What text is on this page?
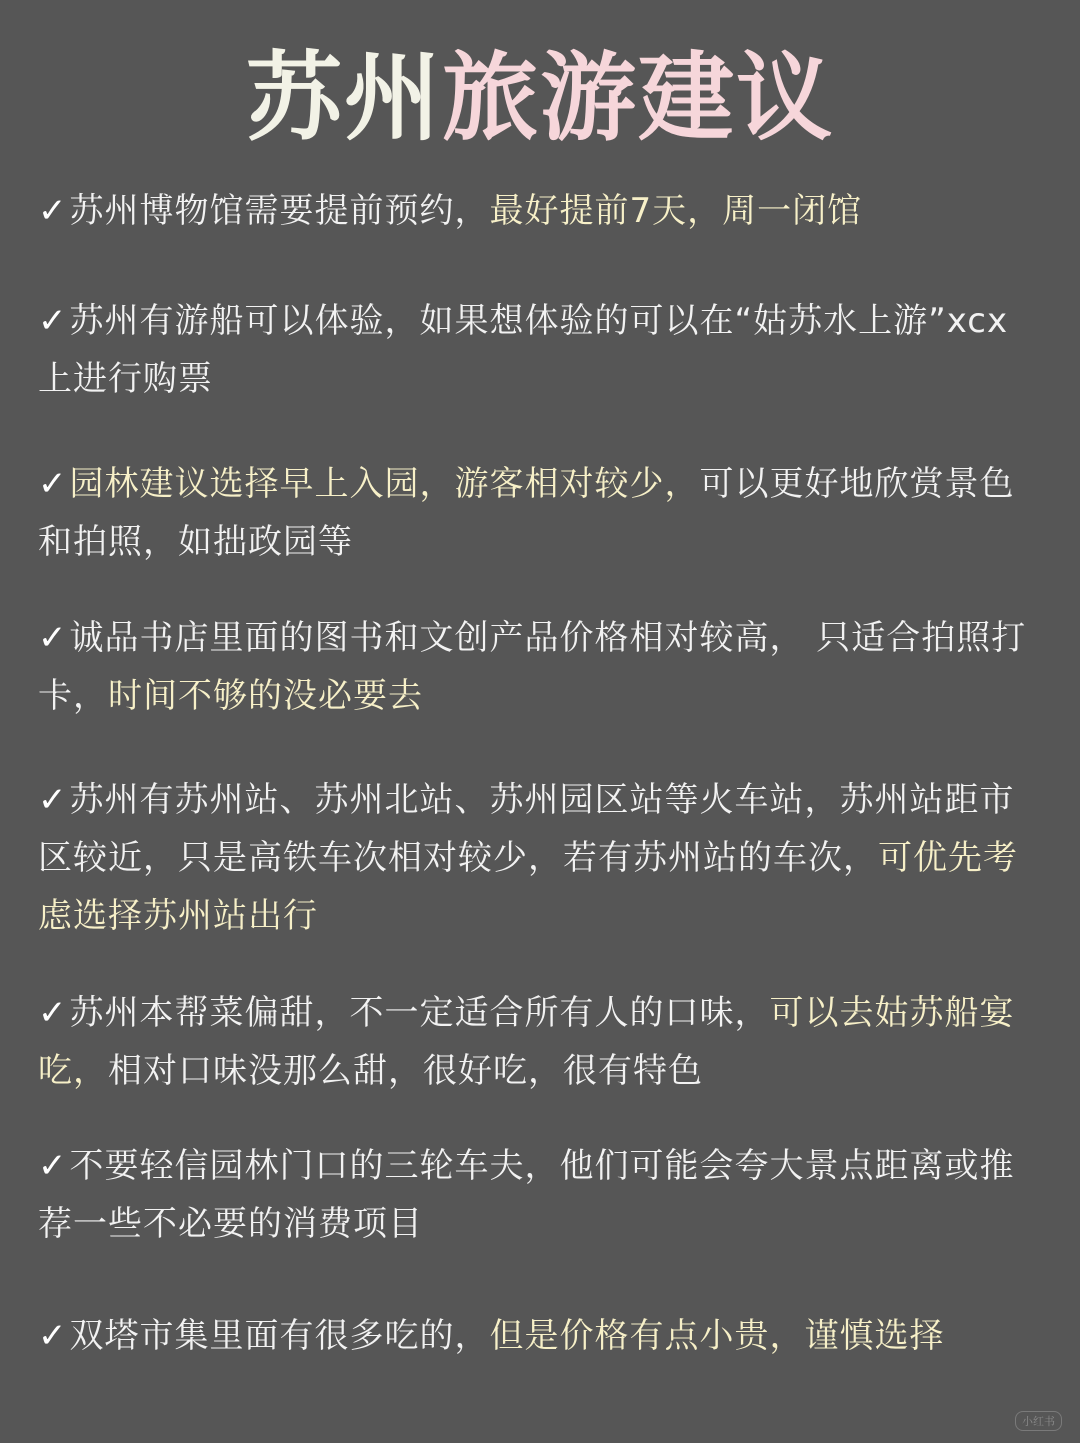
苏州旅游建议
✓苏州博物馆需要提前预约，最好提前7天，周一闭馆
✓苏州有游船可以体验，如果想体验的可以在“姑苏水上游”xcx上进行购票
✓园林建议选择早上入园，游客相对较少，可以更好地欣赏景色和拍照，如拙政园等
✓诚品书店里面的图书和文创产品价格相对较高， 只适合拍照打卡，时间不够的没必要去
✓苏州有苏州站、苏州北站、苏州园区站等火车站，苏州站距市区较近，只是高铁车次相对较少，若有苏州站的车次，可优先考虑选择苏州站出行
✓苏州本帮菜偏甜，不一定适合所有人的口味，可以去姑苏船宴吃，相对口味没那么甜，很好吃，很有特色
✓不要轻信园林门口的三轮车夫，他们可能会夸大景点距离或推荐一些不必要的消费项目
✓双塔市集里面有很多吃的，但是价格有点小贵，谨慎选择
小红书
